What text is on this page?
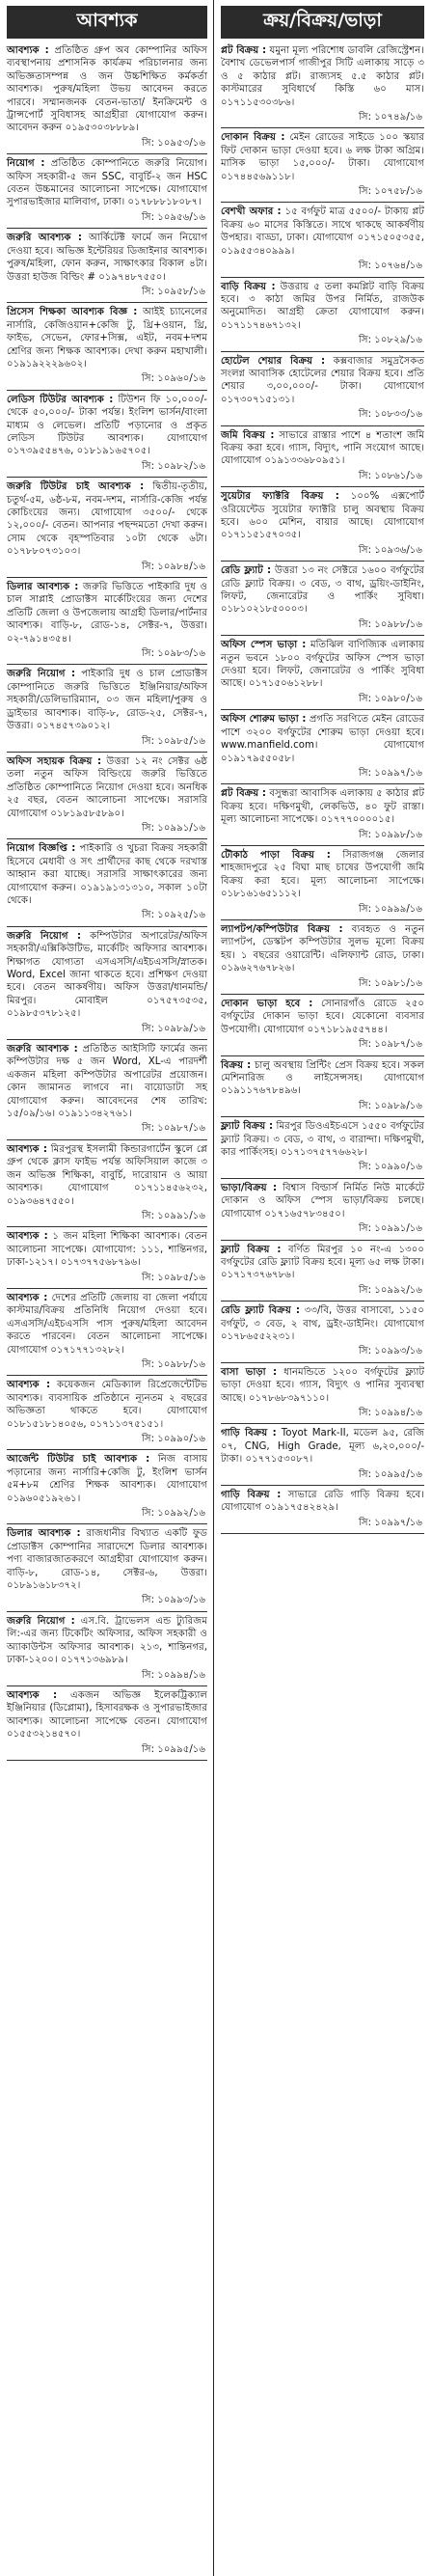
আবশ্যক
আবশ্যক : প্রতিষ্ঠিত গ্রুপ অব কোম্পানির অফিস ব্যবস্থাপনায় প্রশাসনিক কার্যক্রম পরিচালনার জন্য অভিজ্ঞতাসম্পন্ন ও জন উচ্চশিক্ষিত কর্মকর্তা আবশ্যক। পুরুষ/মহিলা উভয় আবেদন করতে পারবে। সম্মানজনক বেতন-ভাতা/ ইনক্রিমেন্ট ও ট্রান্সপোর্ট সুবিধাসহ আগ্রহীরা যোগাযোগ করুন। আবেদন করুন ০১৯৫৩০৩৮৮৮৯।
সি: ১০৯৫৩/১৬
নিয়োগ : প্রতিষ্ঠিত কোম্পানিতে জরুরি নিয়োগ। অফিস সহকারী-৫ জন SSC, বাবুর্চি-২ জন HSC বেতন উচ্চমানের আলোচনা সাপেক্ষে। যোগাযোগ সুপারভাইজার মালিবাগ, ঢাকা। ০১৭৮৮৮১৮০৮৭।
সি: ১০৯৫৬/১৬
জরুরি আবশ্যক : আর্কিটেক্ট ফার্মে জন নিয়োগ দেওয়া হবে। অভিজ্ঞ ইন্টেরিয়র ডিজাইনার আবশ্যক। পুরুষ/মহিলা, ফোন করুন, সাক্ষাৎকার বিকাল ৪টা। উত্তরা হাউজ বিল্ডিং # ০১৯৭৪৮৭৫৫০।
সি: ১০৯৫৮/১৬
প্রিসেস শিক্ষকা আবশ্যক বিজ্ঞ : আইই চ্যানেলের নার্সারি, কেজিওয়ান+কেজি টু, থ্রি+ওয়ান, থ্রি, ফাইভ, সেভেন, ফোর+সিক্স, এইট, নবম+দশম শ্রেণির জন্য শিক্ষক আবশ্যক। দেখা করুন মহাখালী। ০১৯১৯২২২৯৬০২।
সি: ১০৯৬০/১৬
লেডিস টিউটর আবশ্যক : টিউশন ফি ১০,০০০/- থেকে ৫০,০০০/- টাকা পর্যন্ত। ইংলিশ ভার্সন/বাংলা মাধ্যম ও লেভেল। প্রতিটি পড়ানোর ও প্রকৃত লেডিস টিউটর আবশ্যক। যোগাযোগ ০১৭৩৯৫৫৪৭৬, ০১৮১৯১৬৫৭০৫।
সি: ১০৯৮২/১৬
জরুরি টিউটর চাই আবশ্যক : দ্বিতীয়-তৃতীয়, চতুর্থ-৫ম, ৬ষ্ঠ-৮ম, নবম-দশম, নার্সারি-কেজি পর্যন্ত কোচিংয়ের জন্য। যোগাযোগ ৩৫০০/- থেকে ১২,০০০/- বেতন। আপনার পছন্দমতো দেখা করুন। সোম থেকে বৃহস্পতিবার ১০টা থেকে ৬টা। ০১৭৮৮০৭৩১০৩।
সি: ১০৯৮৪/১৬
ডিলার আবশ্যক : জরুরি ভিত্তিতে পাইকারি দুধ ও চাল সাপ্লাই প্রোডাক্টস মার্কেটিংয়ের জন্য দেশের প্রতিটি জেলা ও উপজেলায় আগ্রহী ডিলার/পার্টনার আবশ্যক। বাড়ি-৮, রোড-১৪, সেক্টর-৭, উত্তরা। ০২-৭৯১৪৩৫৪।
সি: ১০৯৮৩/১৬
জরুরি নিয়োগ : পাইকারি দুধ ও চাল প্রোডাক্টস কোম্পানিতে জরুরি ভিত্তিতে ইঞ্জিনিয়ার/অফিস সহকারী/ডেলিভারিম্যান, ০৩ জন মহিলা/পুরুষ ও ড্রাইভার আবশ্যক। বাড়ি-৮, রোড-২৫, সেক্টর-৭, উত্তরা। ০১৭৪৫৭৩৯০১২।
সি: ১০৯৮৫/১৬
অফিস সহায়ক বিক্রয় : উত্তরা ১২ নং সেক্টর ৬ষ্ঠ তলা নতুন অফিস বিল্ডিংয়ে জরুরি ভিত্তিতে প্রতিষ্ঠিত কোম্পানিতে নিয়োগ দেওয়া হবে। অনধিক ২৫ বছর, বেতন আলোচনা সাপেক্ষে। সরাসরি যোগাযোগ ০১৮১৯৫৮৫৮৯০।
সি: ১০৯৯১/১৬
নিয়োগ বিজ্ঞপ্তি : পাইকারি ও খুচরা বিক্রয় সহকারী হিসেবে মেধাবী ও সৎ প্রার্থীদের কাছ থেকে দরখাস্ত আহ্বান করা যাচ্ছে। সরাসরি সাক্ষাৎকারের জন্য যোগাযোগ করুন। ০১৯১৯১৩১৩১০, সকাল ১০টা থেকে।
সি: ১০৯২৫/১৬
জরুরি নিয়োগ : কম্পিউটার অপারেটর/অফিস সহকারী/এক্সিকিউটিভ, মার্কেটিং অফিসার আবশ্যক। শিক্ষাগত যোগ্যতা এসএসসি/এইচএসসি/স্নাতক। Word, Excel জানা থাকতে হবে। প্রশিক্ষণ দেওয়া হবে। বেতন আকর্ষণীয়। অফিস উত্তরা/ধানমন্ডি/মিরপুর। মোবাইল ০১৭৫৭৩৫৩৫, ০১৯৮৫৩৭৮১২৫।
সি: ১০৯৮৯/১৬
জরুরি আবশ্যক : প্রতিষ্ঠিত আইসিটি ফার্মের জন্য কম্পিউটার দক্ষ ৫ জন Word, XL-এ পারদর্শী একজন মহিলা কম্পিউটার অপারেটর প্রয়োজন। কোন জামানত লাগবে না। বায়োডাটা সহ যোগাযোগ করুন। আবেদনের শেষ তারিখ: ১৫/০৯/১৬। ০১৯১১৩৪২৭৬১।
সি: ১০৯৮৭/১৬
আবশ্যক : মিরপুরস্থ ইসলামী কিন্ডারগার্টেন স্কুলে প্লে গ্রুপ থেকে ক্লাস ফাইভ পর্যন্ত অফিসিয়াল কাজে ৩ জন অভিজ্ঞ শিক্ষিকা, বাবুর্চি, দারোয়ান ও আয়া আবশ্যক। যোগাযোগ ০১৭১১৪৫৬২৩২, ০১৯৩৬৪৭৫৫০।
সি: ১০৯৯১/১৬
আবশ্যক : ১ জন মহিলা শিক্ষিকা আবশ্যক। বেতন আলোচনা সাপেক্ষে। যোগাযোগ: ১১১, শান্তিনগর, ঢাকা-১২১৭। ০১৭৩৭৭৫৬৮৭৯৬।
সি: ১০৯৮৫/১৬
আবশ্যক : দেশের প্রতিটি জেলায় বা জেলা পর্যায়ে কাস্টমার/বিক্রয় প্রতিনিধি নিয়োগ দেওয়া হবে। এসএসসি/এইচএসসি পাস পুরুষ/মহিলা আবেদন করতে পারবেন। বেতন আলোচনা সাপেক্ষে। যোগাযোগ ০১৭১৭৭১৩২৮২।
সি: ১০৯৮৮/১৬
আবশ্যক : কয়েকজন মেডিক্যাল রিপ্রেজেন্টেটিভ আবশ্যক। ব্যবসায়িক প্রতিষ্ঠানে ন্যূনতম ২ বছরের অভিজ্ঞতা থাকতে হবে। যোগাযোগ ০১৮১৫১৮১৪০৫৬, ০১৭১১৩৭৫১৫১।
সি: ১০৯৯০/১৬
আর্জেন্ট টিউটর চাই আবশ্যক : নিজ বাসায় পড়ানোর জন্য নার্সারি+কেজি টু, ইংলিশ ভার্সন ৫ম+৮ম শ্রেণির শিক্ষক আবশ্যক। যোগাযোগ ০১৯৬০৫১৯২৬১।
সি: ১০৯৯২/১৬
ডিলার আবশ্যক : রাজধানীর বিখ্যাত একটি ফুড প্রোডাক্টস কোম্পানির সারাদেশে ডিলার আবশ্যক। পণ্য বাজারজাতকরণে আগ্রহীরা যোগাযোগ করুন। বাড়ি-৮, রোড-১৪, সেক্টর-৬, উত্তরা। ০১৮৯১৬১৮৩৭২।
সি: ১০৯৯৩/১৬
জরুরি নিয়োগ : এস.বি. ট্রাভেলস এন্ড ট্যুরিজম লি:-এর জন্য টিকেটিং অফিসার, অফিস সহকারী ও অ্যাকাউন্টস অফিসার আবশ্যক। ২১৩, শান্তিনগর, ঢাকা-১২০০। ০১৭৭১৩৬৯৮৯।
সি: ১০৯৯৪/১৬
আবশ্যক : একজন অভিজ্ঞ ইলেকট্রিক্যাল ইঞ্জিনিয়ার (ডিপ্লোমা), হিসাবরক্ষক ও সুপারভাইজার আবশ্যক। আলোচনা সাপেক্ষে বেতন। যোগাযোগ ০১৫৫৩২১৪৫৭০।
সি: ১০৯৯৫/১৬
ক্রয়/বিক্রয়/ভাড়া
প্লট বিক্রয় : যমুনা মূল্য পরিশোধ ডাবলি রেজিস্ট্রেশন। বৈশাখ ডেভেলপার্স গাজীপুর সিটি এলাকায় সাড়ে ৩ ও ৫ কাঠার প্লট। রাজ্যসহ ৫.৫ কাঠার প্লট। কাস্টমারের সুবিধার্থে কিস্তি ৬০ মাস। ০১৭১১৫৩০৩৮৬।
সি: ১০৭৪৯/১৬
দোকান বিক্রয় : মেইন রোডের সাইডে ১০০ স্কয়ার ফিট দোকান ভাড়া দেওয়া হবে। ৬ লক্ষ টাকা অগ্রিম। মাসিক ভাড়া ১৫,০০০/- টাকা। যোগাযোগ ০১৭৪৪৫৬৯১১৮।
সি: ১০৭৫৮/১৬
বেশখী অফার : ১৫ বর্গফুট মাত্র ৫৫০০/- টাকায় প্লট বিক্রয় ৬০ মাসের কিস্তিতে। সাথে থাকছে আকর্ষণীয় উপহার। বাড্ডা, ঢাকা। যোগাযোগ ০১৭১৫০৫৩৫৫, ০১৯৫৫৩৪০৯৯৯।
সি: ১০৭৬৪/১৬
বাড়ি বিক্রয় : উত্তরায় ৫ তলা কমপ্লিট বাড়ি বিক্রয় হবে। ৩ কাঠা জমির উপর নির্মিত, রাজউক অনুমোদিত। আগ্রহী ক্রেতা যোগাযোগ করুন। ০১৭১১৭৪৬৭১৩২।
সি: ১০৮২৯/১৬
হোটেল শেয়ার বিক্রয় : কক্সবাজার সমুদ্রসৈকত সংলগ্ন আবাসিক হোটেলের শেয়ার বিক্রয় হবে। প্রতি শেয়ার ৩,০০,০০০/- টাকা। যোগাযোগ ০১৭৩০৭১৫১৩১।
সি: ১০৮৩৩/১৬
জমি বিক্রয় : সাভারে রাস্তার পাশে ৪ শতাংশ জমি বিক্রয় করা হবে। গ্যাস, বিদ্যুৎ, পানি সংযোগ আছে। যোগাযোগ ০১৯১৩৩৬৮০৯৫১।
সি: ১০৮৬১/১৬
সুয়েটার ফ্যাক্টরি বিক্রয় : ১০০% এক্সপোর্ট ওরিয়েন্টেড সুয়েটার ফ্যাক্টরি চালু অবস্থায় বিক্রয় হবে। ৬০০ মেশিন, বায়ার আছে। যোগাযোগ ০১৭১১৫১৫৭০৩৫।
সি: ১০৯৩৬/১৬
রেডি ফ্ল্যাট : উত্তরা ১৩ নং সেক্টরে ১৬০০ বর্গফুটের রেডি ফ্ল্যাট বিক্রয়। ৩ বেড, ৩ বাথ, ড্রয়িং-ডাইনিং, লিফট, জেনারেটর ও পার্কিং সুবিধা। ০১৮১০২১৮৫০০০৩।
সি: ১০৯৮৮/১৬
অফিস স্পেস ভাড়া : মতিঝিল বাণিজ্যিক এলাকায় নতুন ভবনে ১৮০০ বর্গফুটের অফিস স্পেস ভাড়া দেওয়া হবে। লিফট, জেনারেটর ও পার্কিং সুবিধা আছে। ০১৭১৫০৬১২৮৮।
সি: ১০৯৮০/১৬
অফিস শোরুম ভাড়া : প্রগতি সরণিতে মেইন রোডের পাশে ৩২০০ বর্গফুটের শোরুম ভাড়া দেওয়া হবে। www.manfield.com। যোগাযোগ ০১৯১৭৯৫৫০৫৮।
সি: ১০৯৯৭/১৬
প্লট বিক্রয় : বসুন্ধরা আবাসিক এলাকায় ৫ কাঠার প্লট বিক্রয় হবে। দক্ষিণমুখী, লেকভিউ, ৪০ ফুট রাস্তা। মূল্য আলোচনা সাপেক্ষে। ০১৭৭৭০০০০১৫।
সি: ১০৯৯৮/১৬
টৌকাঠ পাড়া বিক্রয় : সিরাজগঞ্জ জেলার শাহজাদপুরে ২৫ বিঘা মাছ চাষের উপযোগী জমি বিক্রয় করা হবে। মূল্য আলোচনা সাপেক্ষে। ০১৮১৬১৬৫১১১২।
সি: ১০৯৯৯/১৬
ল্যাপটপ/কম্পিউটার বিক্রয় : ব্যবহৃত ও নতুন ল্যাপটপ, ডেস্কটপ কম্পিউটার সুলভ মূল্যে বিক্রয় হয়। ১ বছরের ওয়ারেন্টি। এলিফ্যান্ট রোড, ঢাকা। ০১৯৬২৭৬৭৮২৬।
সি: ১০৯৮১/১৬
দোকান ভাড়া হবে : সোনারগাঁও রোডে ২৫০ বর্গফুটের দোকান ভাড়া হবে। যেকোনো ব্যবসার উপযোগী। যোগাযোগ ০১৭১৮১৯৫৫৭৪৪।
সি: ১০৯৮৭/১৬
বিক্রয় : চালু অবস্থায় প্রিন্টিং প্রেস বিক্রয় হবে। সকল মেশিনারিজ ও লাইসেন্সসহ। যোগাযোগ ০১৯১১৭৬৭৮৪৯৬।
সি: ১০৯৮৯/১৬
ফ্ল্যাট বিক্রয় : মিরপুর ডিওএইচএসে ১৫৫০ বর্গফুটের ফ্ল্যাট বিক্রয়। ৩ বেড, ৩ বাথ, ৩ বারান্দা। দক্ষিণমুখী, কার পার্কিংসহ। ০১৭১৩৭৫৭৭৬৬২৮।
সি: ১০৯৯০/১৬
ভাড়া/বিক্রয় : বিশ্বাস বিল্ডার্স নির্মিত নিউ মার্কেটে দোকান ও অফিস স্পেস ভাড়া/বিক্রয় চলছে। যোগাযোগ ০১৭১৬৫৭৮৩৪৫০।
সি: ১০৯৯১/১৬
ফ্ল্যাট বিক্রয় : বর্ণিত মিরপুর ১০ নং-এ ১৩০০ বর্গফুটের রেডি ফ্ল্যাট বিক্রয় হবে। মূল্য ৬৫ লক্ষ টাকা। ০১৭১৭৩৭৬৭৮৬।
সি: ১০৯৯২/১৬
রেডি ফ্ল্যাট বিক্রয় : ৩৩/বি, উত্তর বাসাবো, ১১৫০ বর্গফুট, ৩ বেড, ২ বাথ, ড্রইং-ডাইনিং। যোগাযোগ ০১৭৮৬৫৫২২৩১।
সি: ১০৯৯৩/১৬
বাসা ভাড়া : ধানমন্ডিতে ১২০০ বর্গফুটের ফ্ল্যাট ভাড়া দেওয়া হবে। গ্যাস, বিদ্যুৎ ও পানির সুব্যবস্থা আছে। ০১৭৮৬৮৩৯৭১১০।
সি: ১০৯৯৪/১৬
গাড়ি বিক্রয় : Toyot Mark-II, মডেল ৯৫, রেজি ০৭, CNG, High Grade, মূল্য ৬,২০,০০০/- টাকা। ০১৭৭১৫৩০৮৭।
সি: ১০৯৯৫/১৬
গাড়ি বিক্রয় : সাভারে রেডি গাড়ি বিক্রয় হবে। যোগাযোগ ০১৯১৭৫৪২৪২৯।
সি: ১০৯৯৭/১৬
